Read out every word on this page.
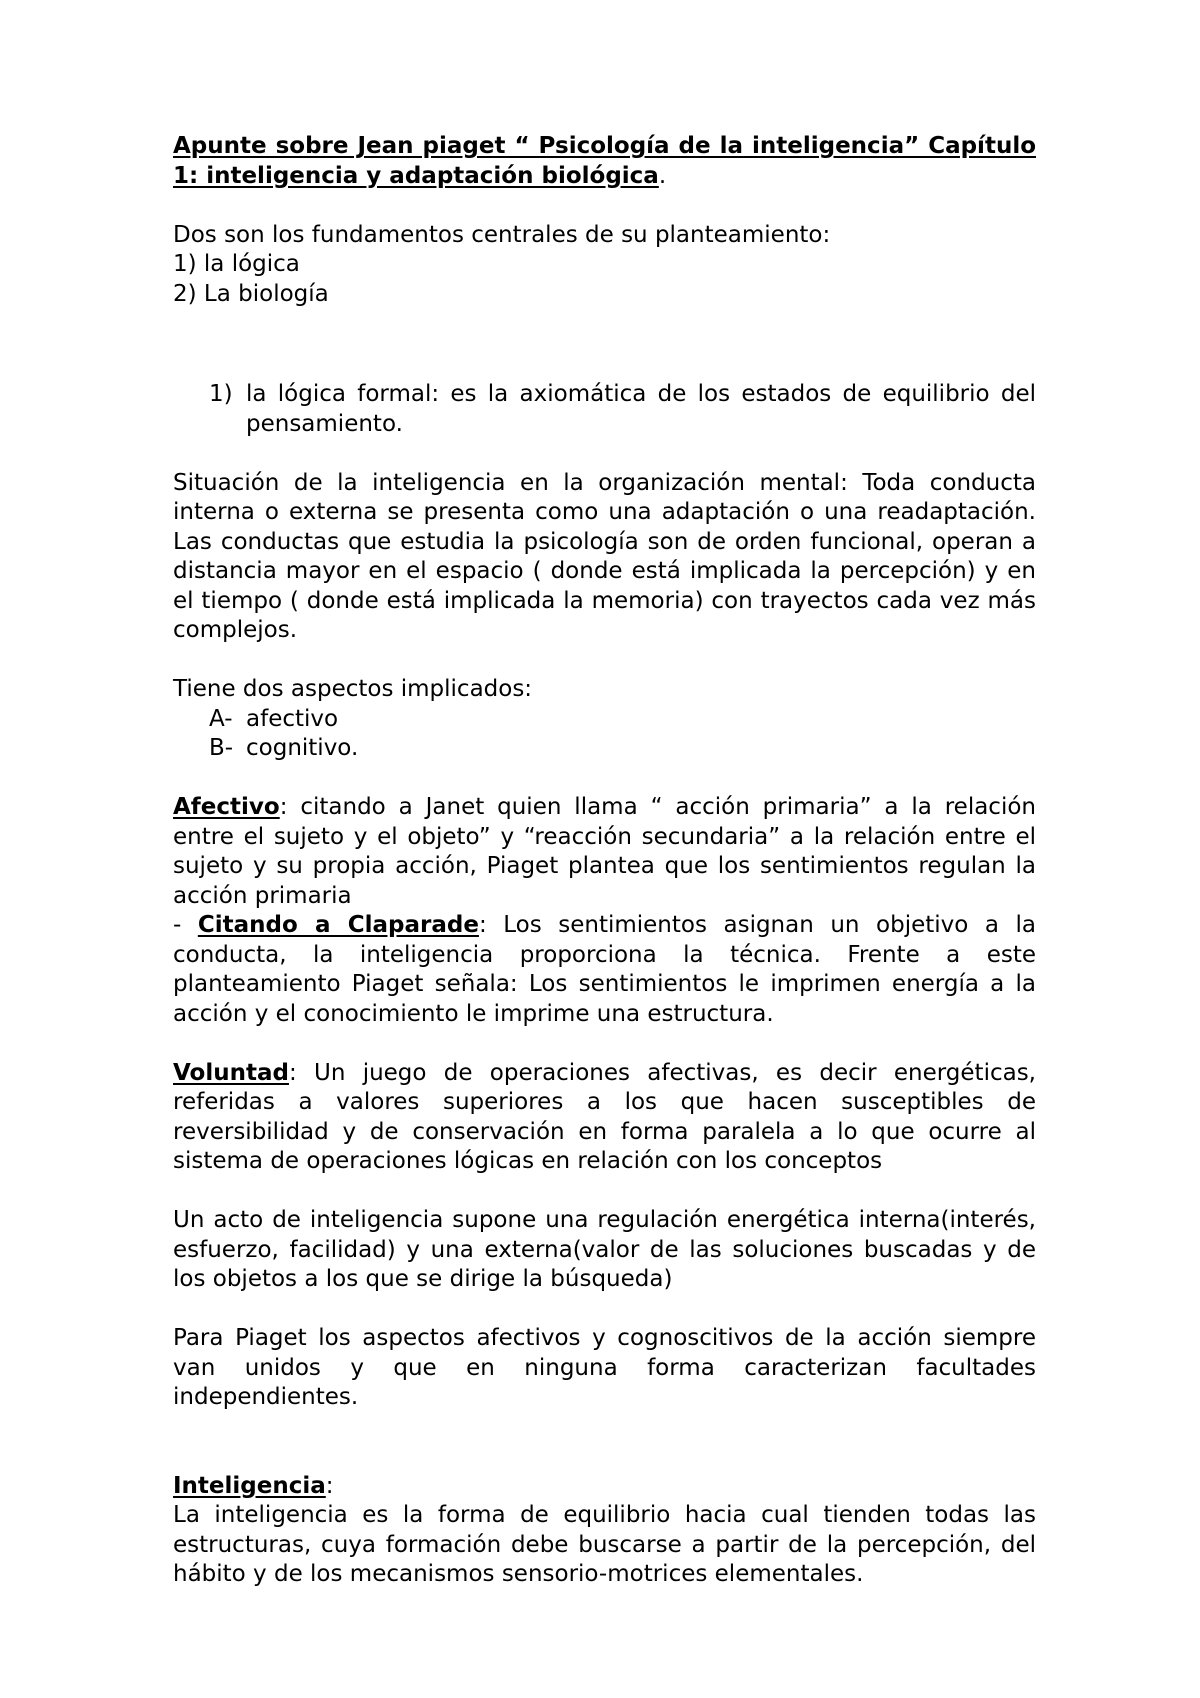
Apunte sobre Jean piaget “ Psicología de la inteligencia” Capítulo 1: inteligencia y adaptación biológica.

Dos son los fundamentos centrales de su planteamiento:

1) la lógica

2) La biología

1) la lógica formal: es la axiomática de los estados de equilibrio del pensamiento.

Situación de la inteligencia en la organización mental: Toda conducta interna o externa se presenta como una adaptación o una readaptación. Las conductas que estudia la psicología son de orden funcional, operan a distancia mayor en el espacio ( donde está implicada la percepción) y en el tiempo ( donde está implicada la memoria) con trayectos cada vez más complejos.

Tiene dos aspectos implicados:

A- afectivo
B- cognitivo.

Afectivo: citando a Janet quien llama “ acción primaria” a la relación entre el sujeto y el objeto” y “reacción secundaria” a la relación entre el sujeto y su propia acción, Piaget plantea que los sentimientos regulan la acción primaria

- Citando a Claparade: Los sentimientos asignan un objetivo a la conducta, la inteligencia proporciona la técnica. Frente a este planteamiento Piaget señala: Los sentimientos le imprimen energía a la acción y el conocimiento le imprime una estructura.

Voluntad: Un juego de operaciones afectivas, es decir energéticas, referidas a valores superiores a los que hacen susceptibles de reversibilidad y de conservación en forma paralela a lo que ocurre al sistema de operaciones lógicas en relación con los conceptos

Un acto de inteligencia supone una regulación energética interna(interés, esfuerzo, facilidad) y una externa(valor de las soluciones buscadas y de los objetos a los que se dirige la búsqueda)

Para Piaget los aspectos afectivos y cognoscitivos de la acción siempre van unidos y que en ninguna forma caracterizan facultades independientes.

Inteligencia:

La inteligencia es la forma de equilibrio hacia cual tienden todas las estructuras, cuya formación debe buscarse a partir de la percepción, del hábito y de los mecanismos sensorio-motrices elementales.
